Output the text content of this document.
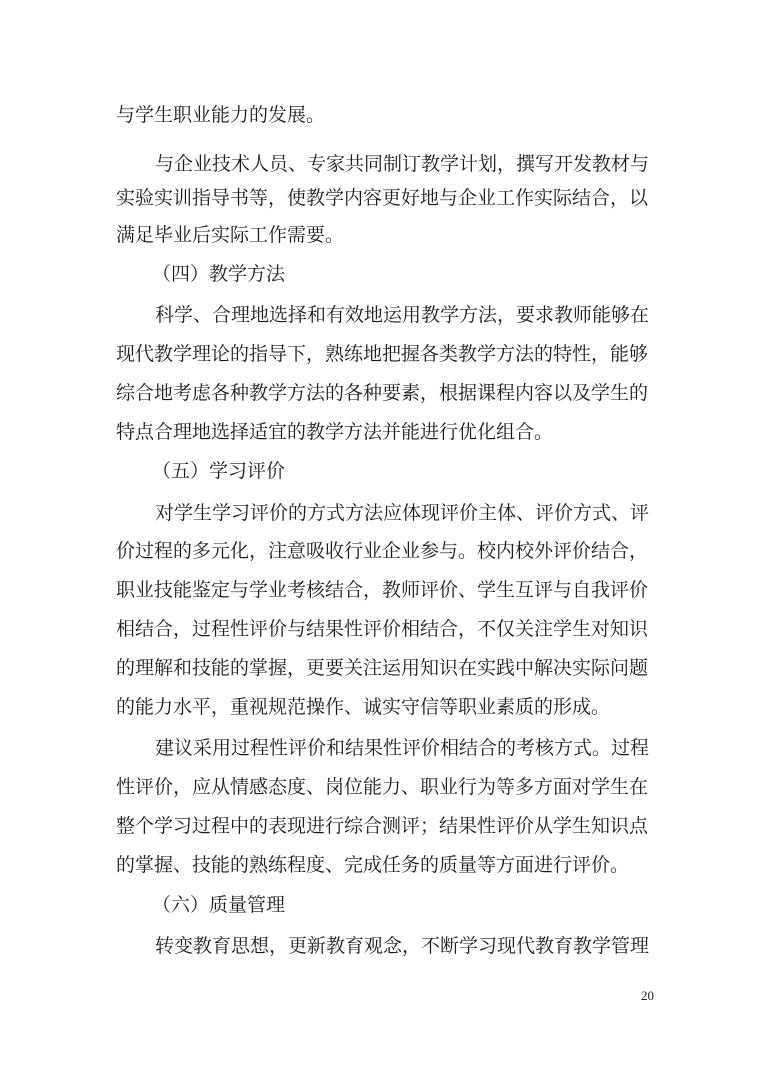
与学生职业能力的发展。
与企业技术人员、专家共同制订教学计划，撰写开发教材与
实验实训指导书等，使教学内容更好地与企业工作实际结合，以
满足毕业后实际工作需要。
（四）教学方法
科学、合理地选择和有效地运用教学方法，要求教师能够在
现代教学理论的指导下，熟练地把握各类教学方法的特性，能够
综合地考虑各种教学方法的各种要素，根据课程内容以及学生的
特点合理地选择适宜的教学方法并能进行优化组合。
（五）学习评价
对学生学习评价的方式方法应体现评价主体、评价方式、评
价过程的多元化，注意吸收行业企业参与。校内校外评价结合，
职业技能鉴定与学业考核结合，教师评价、学生互评与自我评价
相结合，过程性评价与结果性评价相结合，不仅关注学生对知识
的理解和技能的掌握，更要关注运用知识在实践中解决实际问题
的能力水平，重视规范操作、诚实守信等职业素质的形成。
建议采用过程性评价和结果性评价相结合的考核方式。过程
性评价，应从情感态度、岗位能力、职业行为等多方面对学生在
整个学习过程中的表现进行综合测评；结果性评价从学生知识点
的掌握、技能的熟练程度、完成任务的质量等方面进行评价。
（六）质量管理
转变教育思想，更新教育观念，不断学习现代教育教学管理
20
